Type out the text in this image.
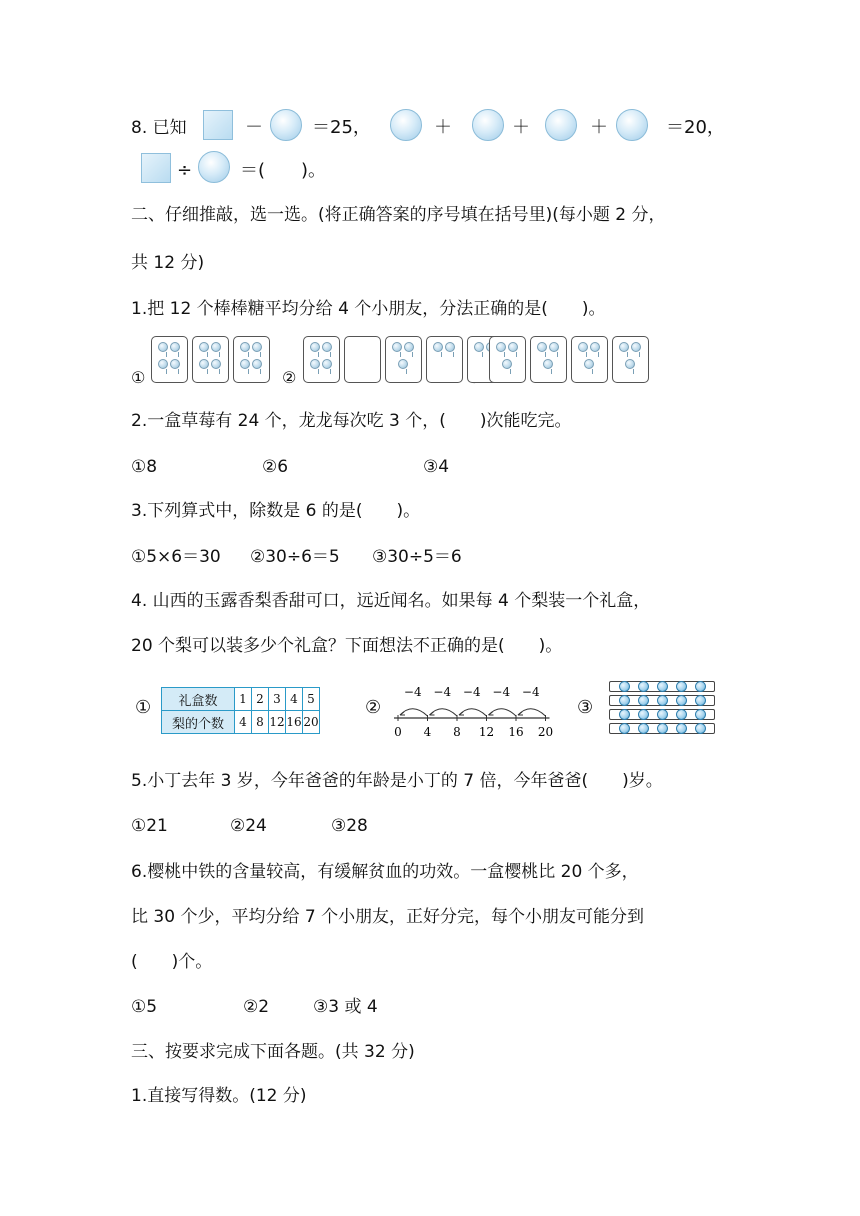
8. 已知	－	＝25，	＋	＋	＋	＝20，
÷	＝(　　)。
二、仔细推敲，选一选。(将正确答案的序号填在括号里)(每小题 2 分，
共 12 分)
1.把 12 个棒棒糖平均分给 4 个小朋友，分法正确的是(　　)。
①	②
2.一盒草莓有 24 个，龙龙每次吃 3 个，(　　)次能吃完。
①8	②6	③4
3.下列算式中，除数是 6 的是(　　)。
①5×6＝30 ②30÷6＝5 ③30÷5＝6
4. 山西的玉露香梨香甜可口，远近闻名。如果每 4 个梨装一个礼盒，
20 个梨可以装多少个礼盒？下面想法不正确的是(　　)。
① 礼盒数	1	2	3	4	5
梨的个数	4	8	12	16	20
②
0 4 8 12 16 20
−4 −4 −4 −4 −4
③
5.小丁去年 3 岁，今年爸爸的年龄是小丁的 7 倍，今年爸爸(　　)岁。
①21	②24	③28
6.樱桃中铁的含量较高，有缓解贫血的功效。一盒樱桃比 20 个多，
比 30 个少，平均分给 7 个小朋友，正好分完，每个小朋友可能分到
(　　)个。
①5	②2	③3 或 4
三、按要求完成下面各题。(共 32 分)
1.直接写得数。(12 分)
